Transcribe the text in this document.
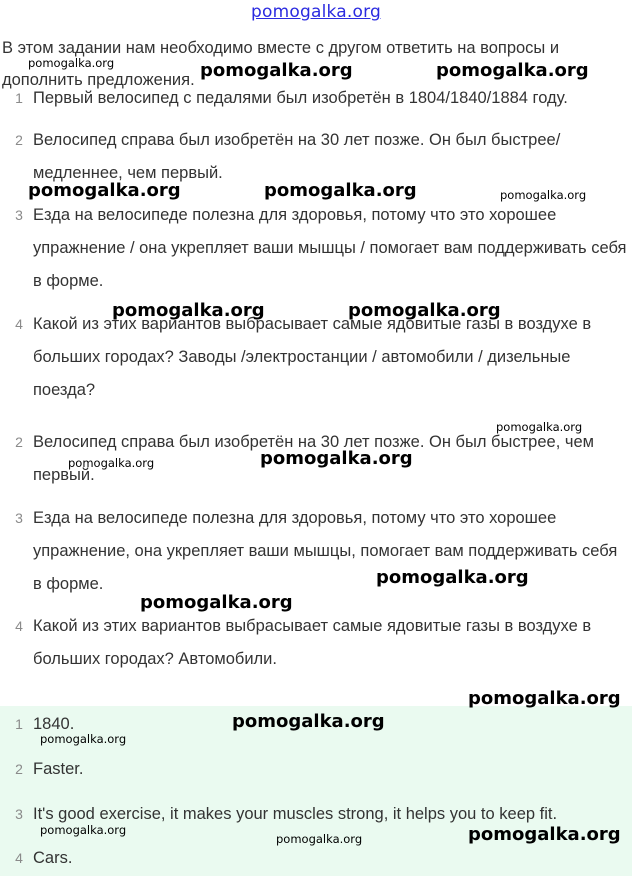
pomogalka.org
В этом задании нам необходимо вместе с другом ответить на вопросы и дополнить предложения.
1 Первый велосипед с педалями был изобретён в 1804/1840/1884 году.
2 Велосипед справа был изобретён на 30 лет позже. Он был быстрее/ медленнее, чем первый.
3 Езда на велосипеде полезна для здоровья, потому что это хорошее упражнение / она укрепляет ваши мышцы / помогает вам поддерживать себя в форме.
4 Какой из этих вариантов выбрасывает самые ядовитые газы в воздухе в больших городах? Заводы /электростанции / автомобили / дизельные поезда?
2 Велосипед справа был изобретён на 30 лет позже. Он был быстрее, чем первый.
3 Езда на велосипеде полезна для здоровья, потому что это хорошее упражнение, она укрепляет ваши мышцы, помогает вам поддерживать себя в форме.
4 Какой из этих вариантов выбрасывает самые ядовитые газы в воздухе в больших городах? Автомобили.
1 1840.
2 Faster.
3 It's good exercise, it makes your muscles strong, it helps you to keep fit.
4 Cars.
pomogalka.org	pomogalka.org	pomogalka.org
pomogalka.org	pomogalka.org	pomogalka.org
pomogalka.org	pomogalka.org
pomogalka.org
pomogalka.org
pomogalka.org
pomogalka.org
pomogalka.org
pomogalka.org
pomogalka.org
pomogalka.org
pomogalka.org	pomogalka.org
pomogalka.org
